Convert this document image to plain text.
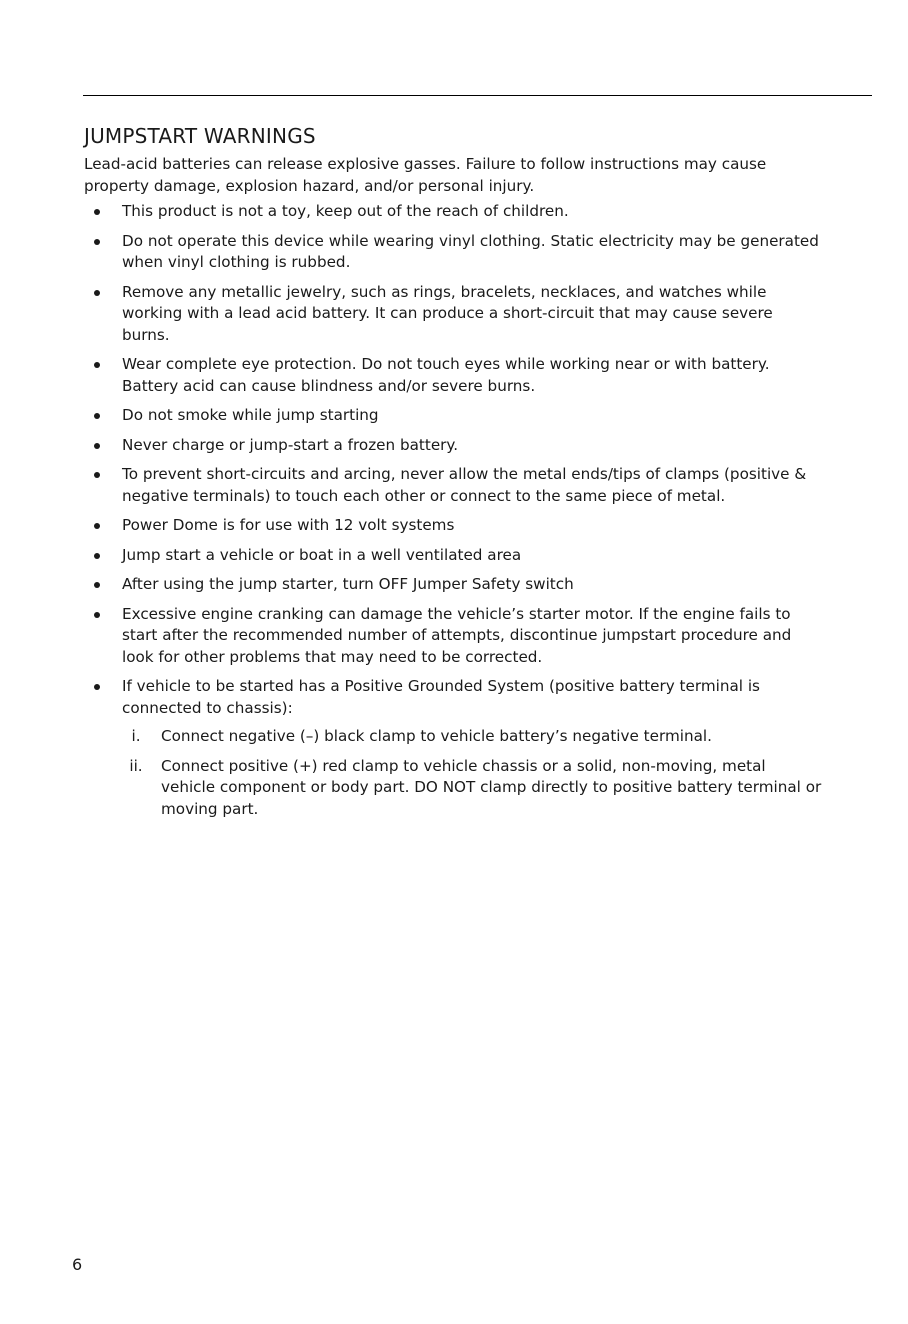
JUMPSTART WARNINGS

Lead-acid batteries can release explosive gasses. Failure to follow instructions may cause property damage, explosion hazard, and/or personal injury.

This product is not a toy, keep out of the reach of children.
Do not operate this device while wearing vinyl clothing. Static electricity may be generated when vinyl clothing is rubbed.
Remove any metallic jewelry, such as rings, bracelets, necklaces, and watches while working with a lead acid battery. It can produce a short-circuit that may cause severe burns.
Wear complete eye protection. Do not touch eyes while working near or with battery. Battery acid can cause blindness and/or severe burns.
Do not smoke while jump starting
Never charge or jump-start a frozen battery.
To prevent short-circuits and arcing, never allow the metal ends/tips of clamps (positive & negative terminals) to touch each other or connect to the same piece of metal.
Power Dome is for use with 12 volt systems
Jump start a vehicle or boat in a well ventilated area
After using the jump starter, turn OFF Jumper Safety switch
Excessive engine cranking can damage the vehicle’s starter motor. If the engine fails to start after the recommended number of attempts, discontinue jumpstart procedure and look for other problems that may need to be corrected.
If vehicle to be started has a Positive Grounded System (positive battery terminal is connected to chassis):
i.	Connect negative (–) black clamp to vehicle battery’s negative terminal.
ii.	Connect positive (+) red clamp to vehicle chassis or a solid, non-moving, metal vehicle component or body part. DO NOT clamp directly to positive battery terminal or moving part.
6
